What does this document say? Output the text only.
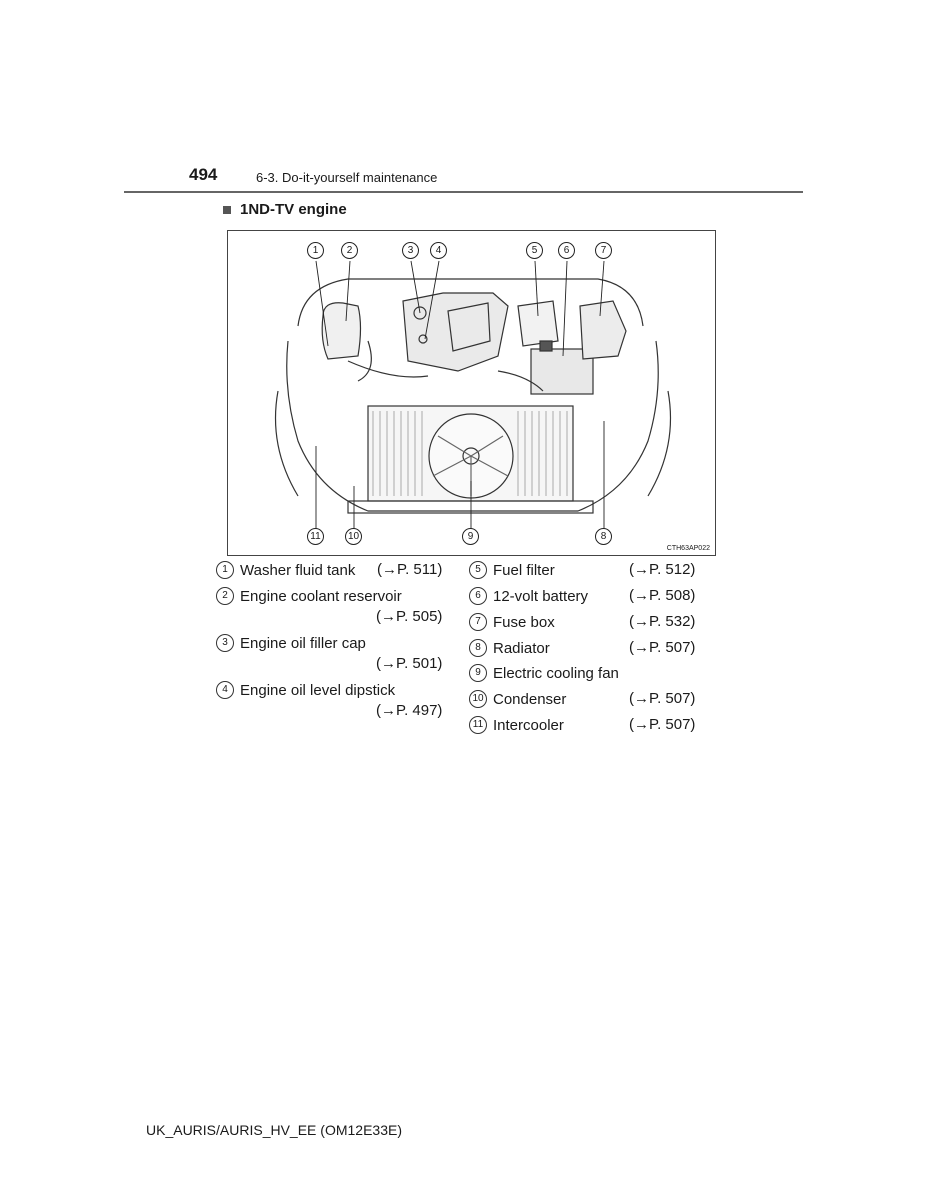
494	6-3. Do-it-yourself maintenance
1ND-TV engine
1	2	3	4	5	6	7
8
9
10
11
CTH63AP022
1 Washer fluid tank (→P. 511)
2 Engine coolant reservoir
(→P. 505)
3 Engine oil filler cap
(→P. 501)
4 Engine oil level dipstick
(→P. 497)
5 Fuel filter	(→P. 512)
6 12-volt battery	(→P. 508)
7 Fuse box	(→P. 532)
8 Radiator	(→P. 507)
9 Electric cooling fan
10 Condenser	(→P. 507)
11 Intercooler	(→P. 507)
UK_AURIS/AURIS_HV_EE (OM12E33E)
